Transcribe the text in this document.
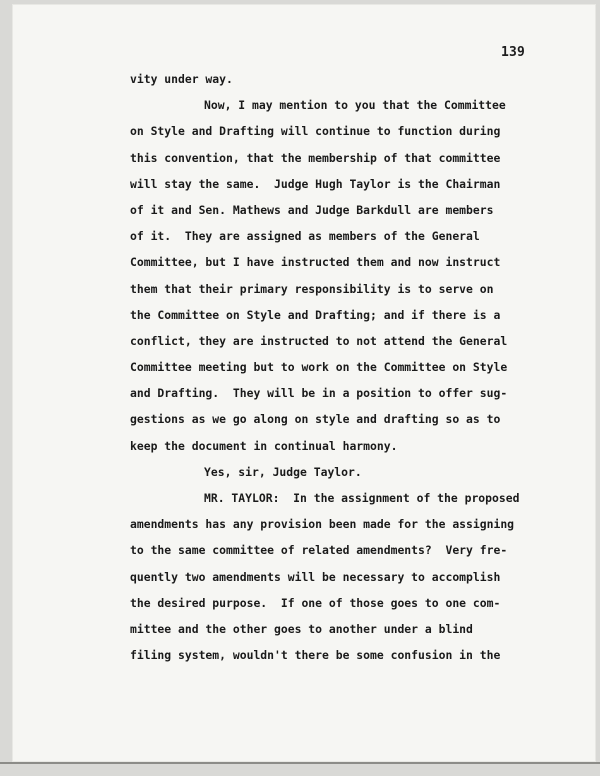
139
vity under way.
Now, I may mention to you that the Committee
on Style and Drafting will continue to function during
this convention, that the membership of that committee
will stay the same.  Judge Hugh Taylor is the Chairman
of it and Sen. Mathews and Judge Barkdull are members
of it.  They are assigned as members of the General
Committee, but I have instructed them and now instruct
them that their primary responsibility is to serve on
the Committee on Style and Drafting; and if there is a
conflict, they are instructed to not attend the General
Committee meeting but to work on the Committee on Style
and Drafting.  They will be in a position to offer sug-
gestions as we go along on style and drafting so as to
keep the document in continual harmony.
Yes, sir, Judge Taylor.
MR. TAYLOR:  In the assignment of the proposed
amendments has any provision been made for the assigning
to the same committee of related amendments?  Very fre-
quently two amendments will be necessary to accomplish
the desired purpose.  If one of those goes to one com-
mittee and the other goes to another under a blind
filing system, wouldn't there be some confusion in the
